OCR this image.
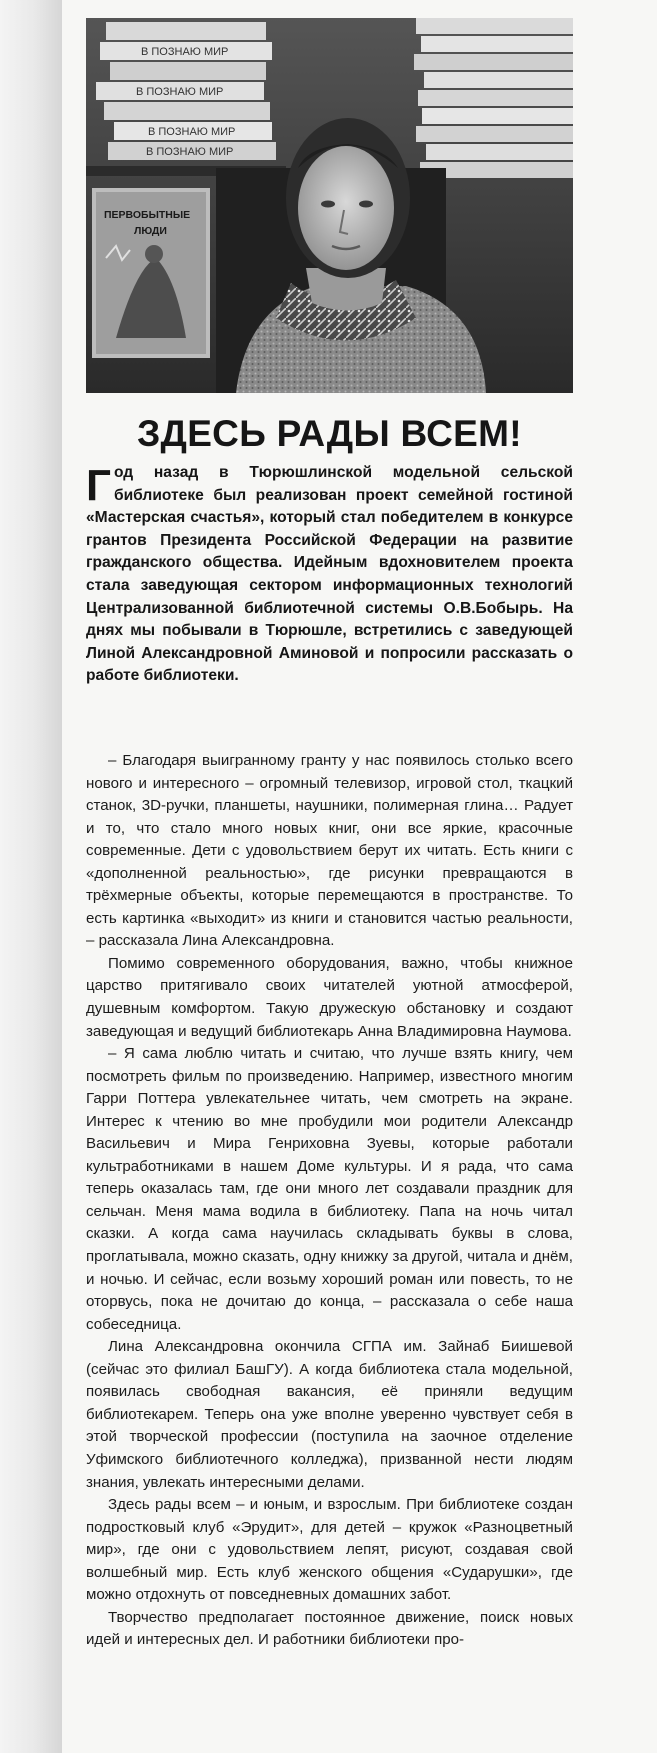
В ПОЗНАЮ МИР
В ПОЗНАЮ МИР
В ПОЗНАЮ МИР
В ПОЗНАЮ МИР
ПЕРВОБЫТНЫЕ
ЛЮДИ
ЗДЕСЬ РАДЫ ВСЕМ!

Год назад в Тюрюшлинской модельной сельской библиотеке был реализован проект семейной гостиной «Мастерская счастья», который стал победителем в конкурсе грантов Президента Российской Федерации на развитие гражданского общества. Идейным вдохновителем проекта стала заведующая сектором информационных технологий Централизованной библиотечной системы О.В.Бобырь. На днях мы побывали в Тюрюшле, встретились с заведующей Линой Александровной Аминовой и попросили рассказать о работе библиотеки.

– Благодаря выигранному гранту у нас появилось столько всего нового и интересного – огромный телевизор, игровой стол, ткацкий станок, 3D-ручки, планшеты, наушники, полимерная глина… Радует и то, что стало много новых книг, они все яркие, красочные современные. Дети с удовольствием берут их читать. Есть книги с «дополненной реальностью», где рисунки превращаются в трёхмерные объекты, которые перемещаются в пространстве. То есть картинка «выходит» из книги и становится частью реальности, – рассказала Лина Александровна.

Помимо современного оборудования, важно, чтобы книжное царство притягивало своих читателей уютной атмосферой, душевным комфортом. Такую дружескую обстановку и создают заведующая и ведущий библиотекарь Анна Владимировна Наумова.

– Я сама люблю читать и считаю, что лучше взять книгу, чем посмотреть фильм по произведению. Например, известного многим Гарри Поттера увлекательнее читать, чем смотреть на экране. Интерес к чтению во мне пробудили мои родители Александр Васильевич и Мира Генриховна Зуевы, которые работали культработниками в нашем Доме культуры. И я рада, что сама теперь оказалась там, где они много лет создавали праздник для сельчан. Меня мама водила в библиотеку. Папа на ночь читал сказки. А когда сама научилась складывать буквы в слова, проглатывала, можно сказать, одну книжку за другой, читала и днём, и ночью. И сейчас, если возьму хороший роман или повесть, то не оторвусь, пока не дочитаю до конца, – рассказала о себе наша собеседница.

Лина Александровна окончила СГПА им. Зайнаб Биишевой (сейчас это филиал БашГУ). А когда библиотека стала модельной, появилась свободная вакансия, её приняли ведущим библиотекарем. Теперь она уже вполне уверенно чувствует себя в этой творческой профессии (поступила на заочное отделение Уфимского библиотечного колледжа), призванной нести людям знания, увлекать интересными делами.

Здесь рады всем – и юным, и взрослым. При библиотеке создан подростковый клуб «Эрудит», для детей – кружок «Разноцветный мир», где они с удовольствием лепят, рисуют, создавая свой волшебный мир. Есть клуб женского общения «Сударушки», где можно отдохнуть от повседневных домашних забот.

Творчество предполагает постоянное движение, поиск новых идей и интересных дел. И работники библиотеки про-
